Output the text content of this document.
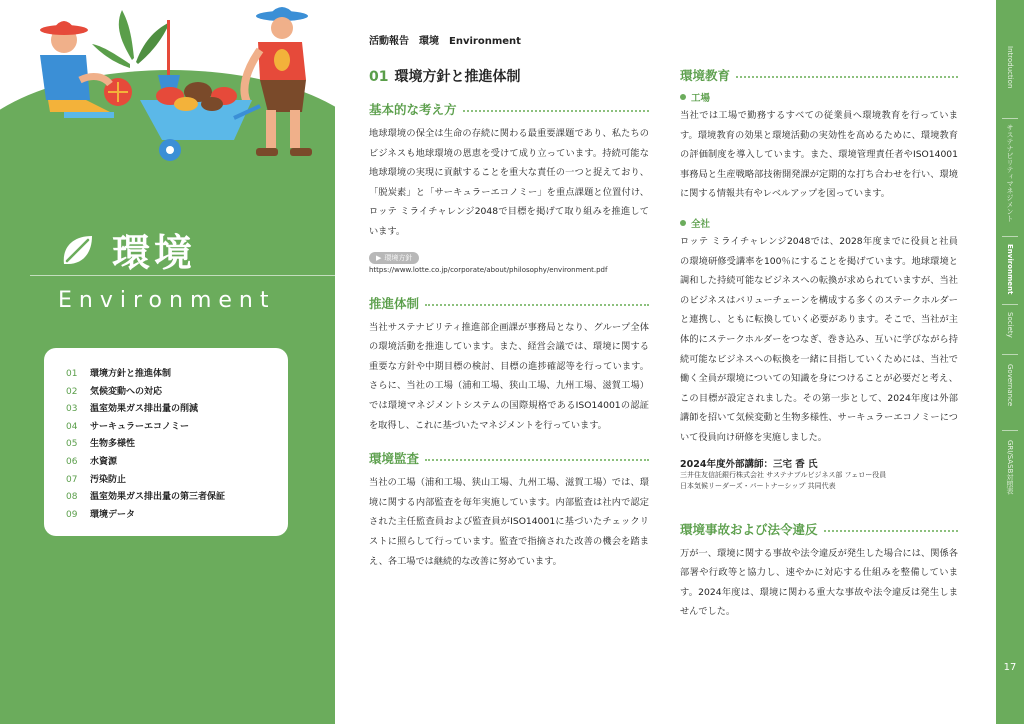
環境
Environment
01	環境方針と推進体制
02	気候変動への対応
03	温室効果ガス排出量の削減
04	サーキュラーエコノミー
05	生物多様性
06	水資源
07	汚染防止
08	温室効果ガス排出量の第三者保証
09	環境データ
活動報告　環境　Environment
01 環境方針と推進体制
基本的な考え方

地球環境の保全は生命の存続に関わる最重要課題であり、私たちのビジネスも地球環境の恩恵を受けて成り立っています。持続可能な地球環境の実現に貢献することを重大な責任の一つと捉えており、「脱炭素」と「サーキュラーエコノミー」を重点課題と位置付け、ロッテ ミライチャレンジ2048で目標を掲げて取り組みを推進しています。

▶ 環境方針
https://www.lotte.co.jp/corporate/about/philosophy/environment.pdf
推進体制

当社サステナビリティ推進部企画課が事務局となり、グループ全体の環境活動を推進しています。また、経営会議では、環境に関する重要な方針や中期目標の検討、目標の進捗確認等を行っています。さらに、当社の工場（浦和工場、狭山工場、九州工場、滋賀工場）では環境マネジメントシステムの国際規格であるISO14001の認証を取得し、これに基づいたマネジメントを行っています。

環境監査

当社の工場（浦和工場、狭山工場、九州工場、滋賀工場）では、環境に関する内部監査を毎年実施しています。内部監査は社内で認定された主任監査員および監査員がISO14001に基づいたチェックリストに照らして行っています。監査で指摘された改善の機会を踏まえ、各工場では継続的な改善に努めています。

環境教育
工場

当社では工場で勤務するすべての従業員へ環境教育を行っています。環境教育の効果と環境活動の実効性を高めるために、環境教育の評価制度を導入しています。また、環境管理責任者やISO14001事務局と生産戦略部技術開発課が定期的な打ち合わせを行い、環境に関する情報共有やレベルアップを図っています。

全社

ロッテ ミライチャレンジ2048では、2028年度までに役員と社員の環境研修受講率を100％にすることを掲げています。地球環境と調和した持続可能なビジネスへの転換が求められていますが、当社のビジネスはバリューチェーンを構成する多くのステークホルダーと連携し、ともに転換していく必要があります。そこで、当社が主体的にステークホルダーをつなぎ、巻き込み、互いに学びながら持続可能なビジネスへの転換を一緒に目指していくためには、当社で働く全員が環境についての知識を身につけることが必要だと考え、この目標が設定されました。その第一歩として、2024年度は外部講師を招いて気候変動と生物多様性、サーキュラーエコノミーについて役員向け研修を実施しました。

2024年度外部講師：三宅 香 氏
三井住友信託銀行株式会社 サステナブルビジネス部 フェロー役員
日本気候リーダーズ・パートナーシップ 共同代表
環境事故および法令違反

万が一、環境に関する事故や法令違反が発生した場合には、関係各部署や行政等と協力し、速やかに対応する仕組みを整備しています。2024年度は、環境に関わる重大な事故や法令違反は発生しませんでした。

Introduction
サステナビリティマネジメント
Environment
Society
Governance
GRI/SASB対照表
17
